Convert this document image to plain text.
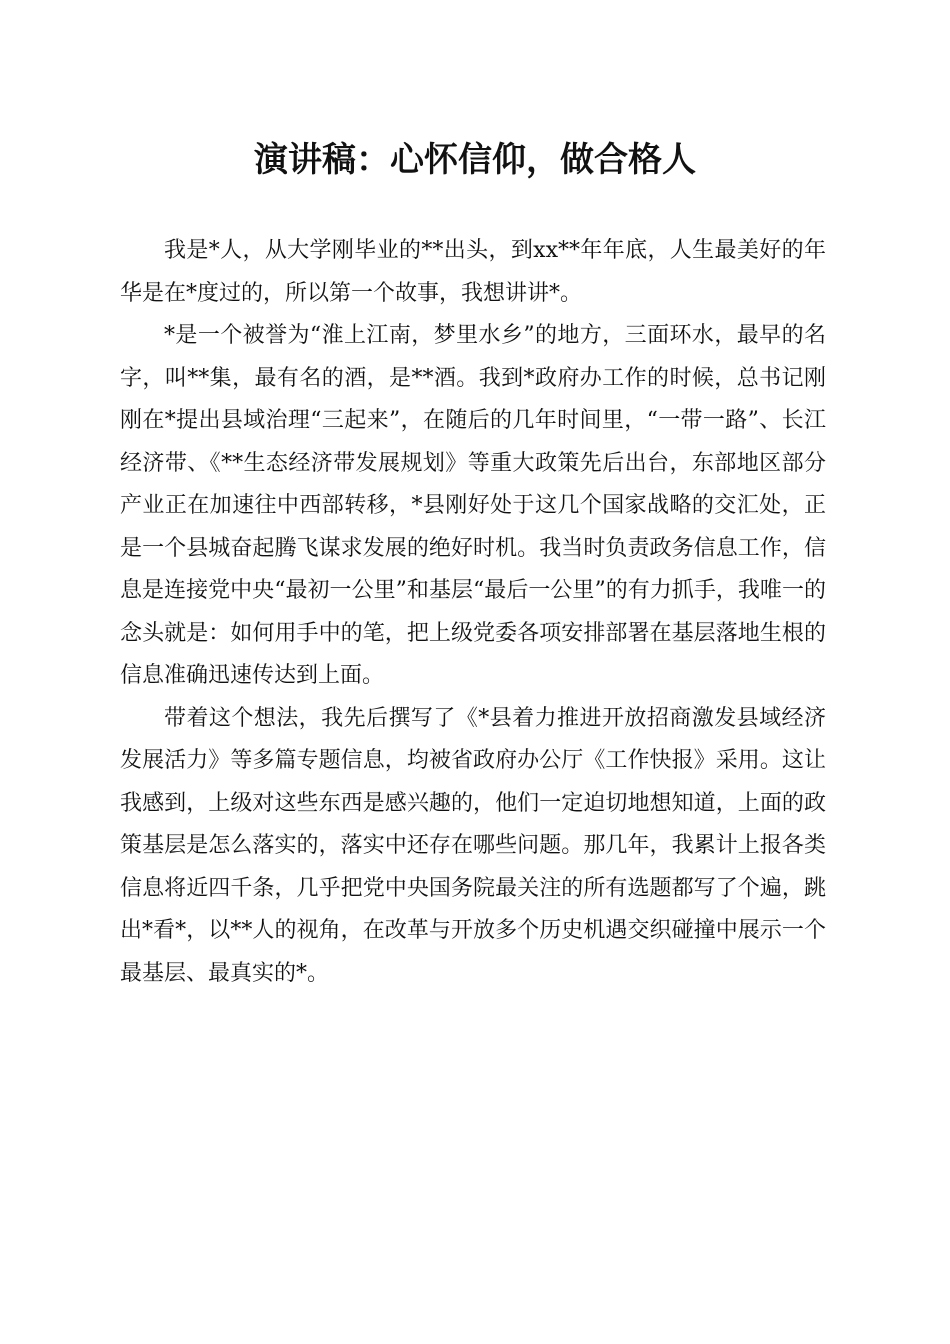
演讲稿：心怀信仰，做合格人

我是*人，从大学刚毕业的**出头，到xx**年年底，人生最美好的年华是在*度过的，所以第一个故事，我想讲讲*。

*是一个被誉为“淮上江南，梦里水乡”的地方，三面环水，最早的名字，叫**集，最有名的酒，是**酒。我到*政府办工作的时候，总书记刚刚在*提出县域治理“三起来”，在随后的几年时间里，“一带一路”、长江经济带、《**生态经济带发展规划》等重大政策先后出台，东部地区部分产业正在加速往中西部转移，*县刚好处于这几个国家战略的交汇处，正是一个县城奋起腾飞谋求发展的绝好时机。我当时负责政务信息工作，信息是连接党中央“最初一公里”和基层“最后一公里”的有力抓手，我唯一的念头就是：如何用手中的笔，把上级党委各项安排部署在基层落地生根的信息准确迅速传达到上面。

带着这个想法，我先后撰写了《*县着力推进开放招商激发县域经济发展活力》等多篇专题信息，均被省政府办公厅《工作快报》采用。这让我感到，上级对这些东西是感兴趣的，他们一定迫切地想知道，上面的政策基层是怎么落实的，落实中还存在哪些问题。那几年，我累计上报各类信息将近四千条，几乎把党中央国务院最关注的所有选题都写了个遍，跳出*看*，以**人的视角，在改革与开放多个历史机遇交织碰撞中展示一个最基层、最真实的*。
